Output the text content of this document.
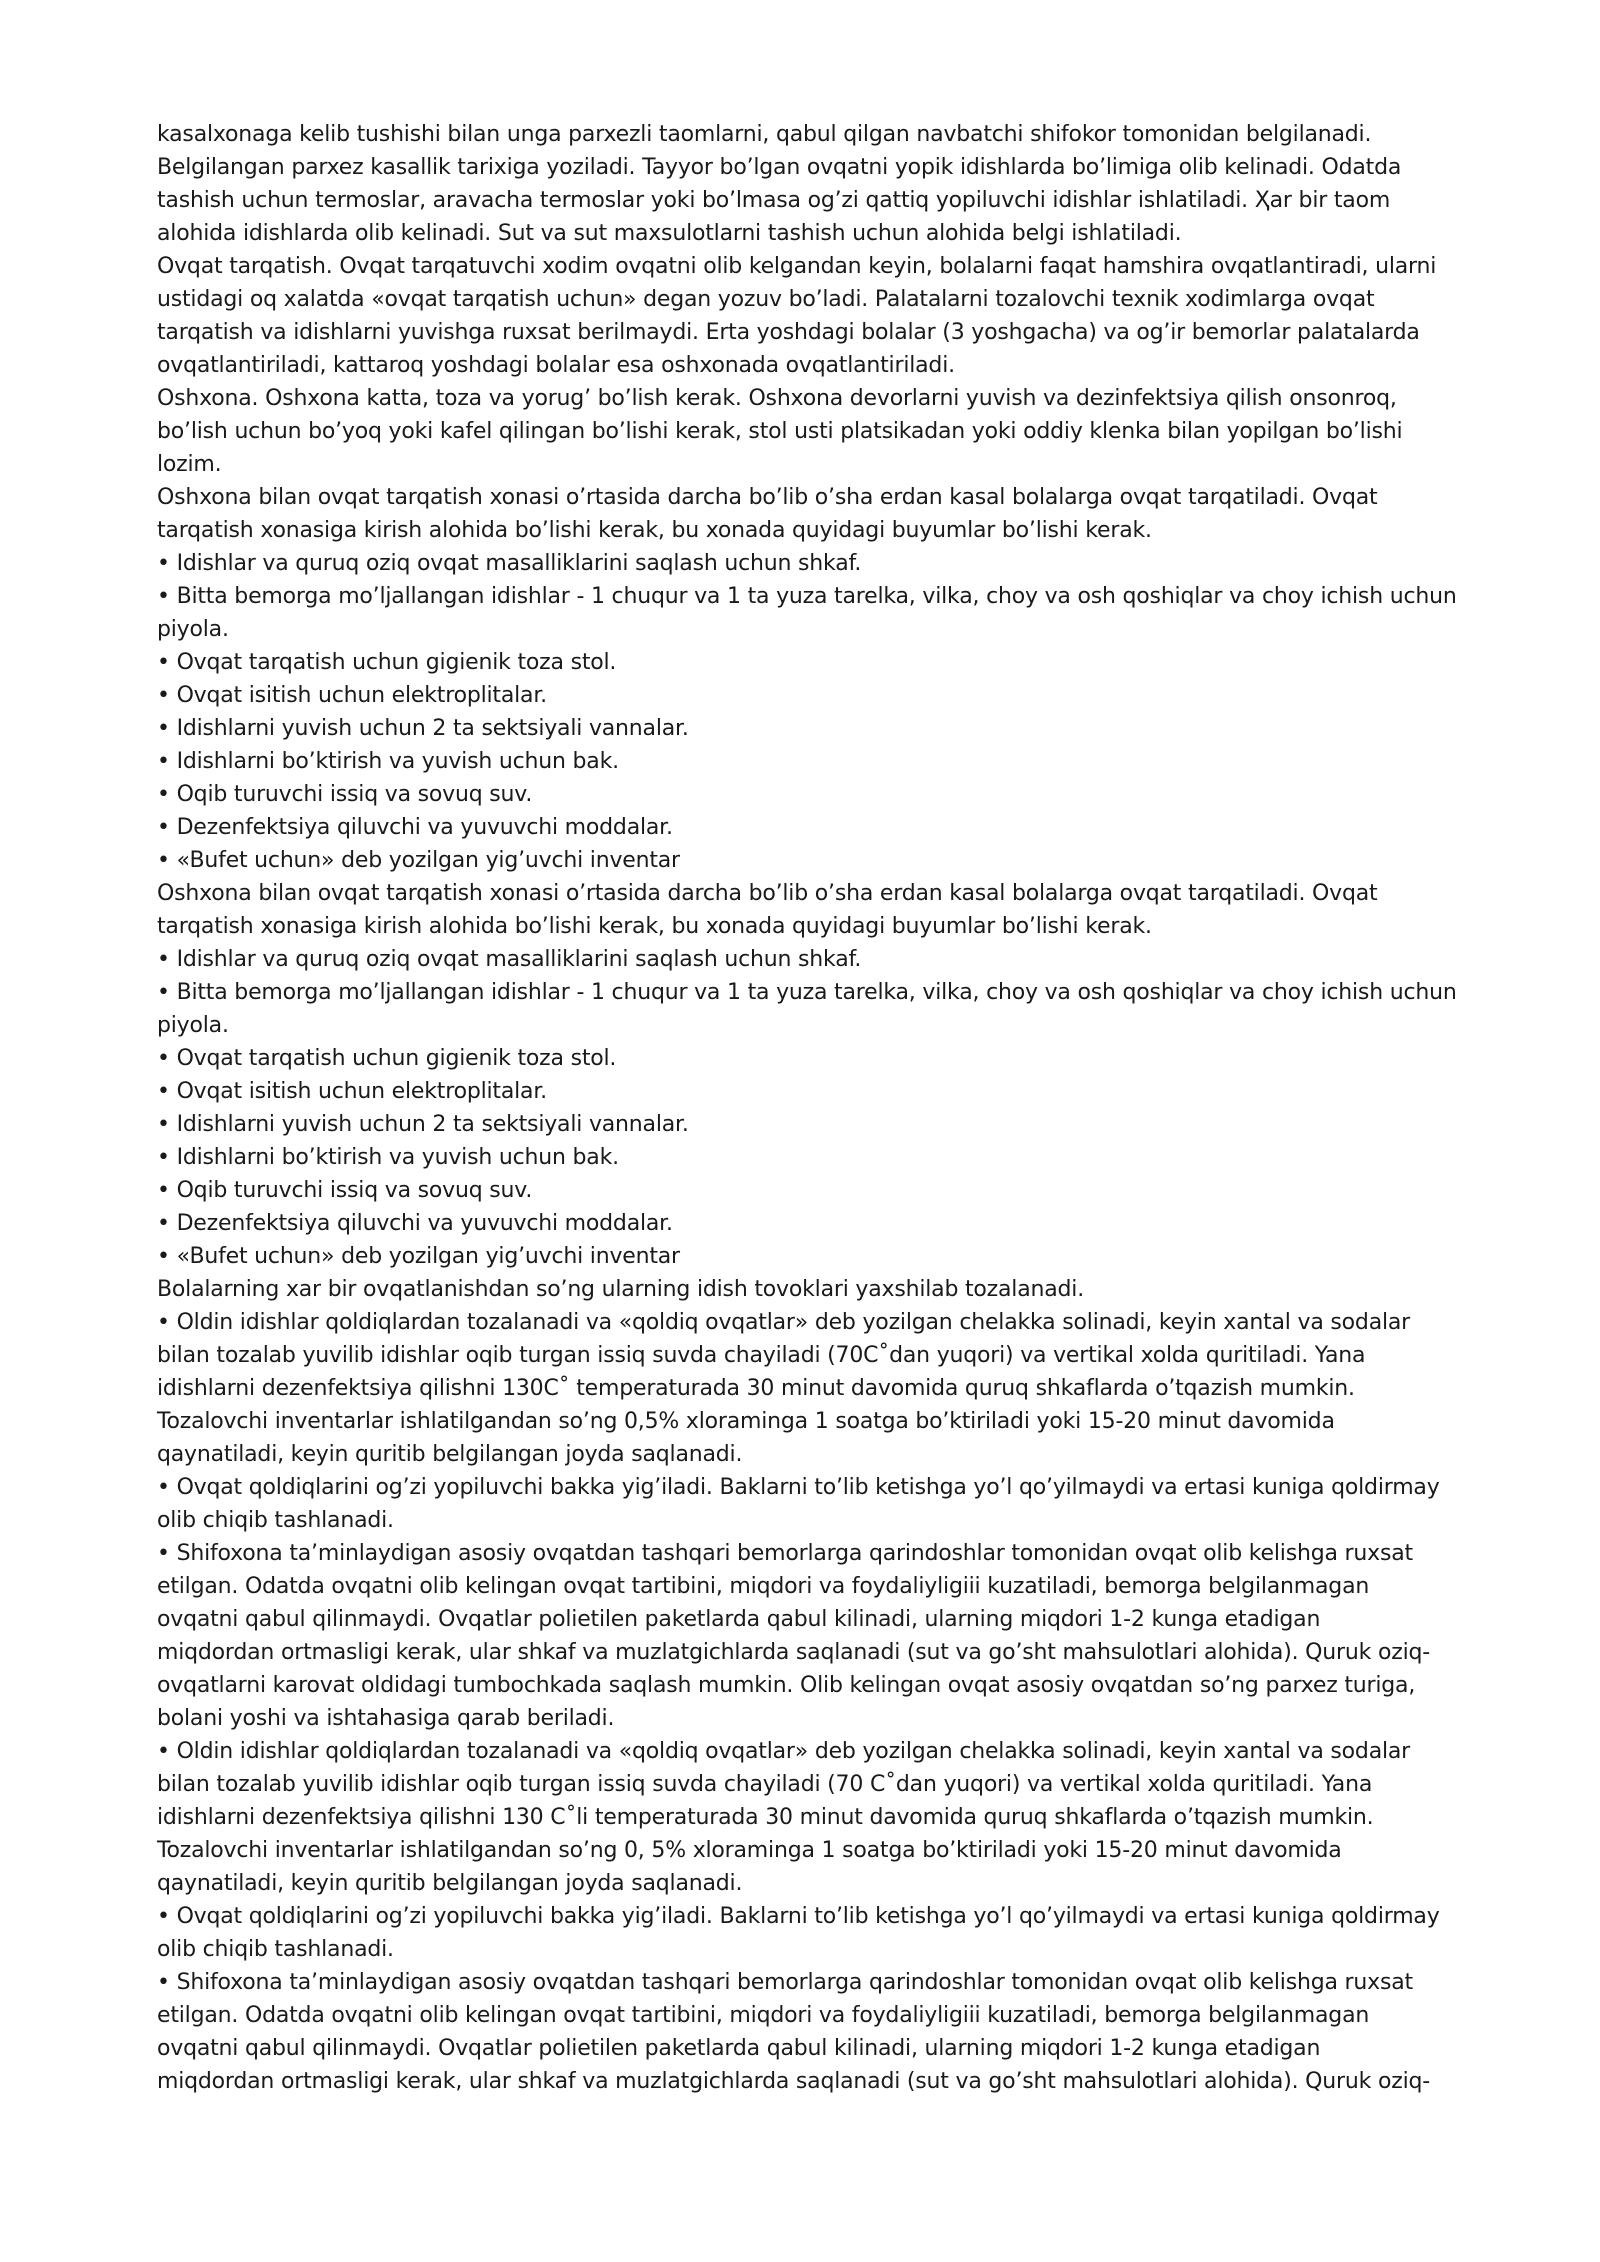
kasalxonaga kelib tushishi bilan unga parxezli taomlarni, qabul qilgan navbatchi shifokor tomonidan belgilanadi.
Belgilangan parxez kasallik tarixiga yoziladi. Tayyor bo’lgan ovqatni yopik idishlarda bo’limiga olib kelinadi. Odatda
tashish uchun termoslar, aravacha termoslar yoki bo’lmasa og’zi qattiq yopiluvchi idishlar ishlatiladi. Ҳar bir taom
alohida idishlarda olib kelinadi. Sut va sut maxsulotlarni tashish uchun alohida belgi ishlatiladi.
Ovqat tarqatish. Ovqat tarqatuvchi xodim ovqatni olib kelgandan keyin, bolalarni faqat hamshira ovqatlantiradi, ularni
ustidagi oq xalatda «ovqat tarqatish uchun» degan yozuv bo’ladi. Palatalarni tozalovchi texnik xodimlarga ovqat
tarqatish va idishlarni yuvishga ruxsat berilmaydi. Erta yoshdagi bolalar (3 yoshgacha) va og’ir bemorlar palatalarda
ovqatlantiriladi, kattaroq yoshdagi bolalar esa oshxonada ovqatlantiriladi.
Oshxona. Oshxona katta, toza va yorug’ bo’lish kerak. Oshxona devorlarni yuvish va dezinfektsiya qilish onsonroq,
bo’lish uchun bo’yoq yoki kafel qilingan bo’lishi kerak, stol usti platsikadan yoki oddiy klenka bilan yopilgan bo’lishi
lozim.
Oshxona bilan ovqat tarqatish xonasi o’rtasida darcha bo’lib o’sha erdan kasal bolalarga ovqat tarqatiladi. Ovqat
tarqatish xonasiga kirish alohida bo’lishi kerak, bu xonada quyidagi buyumlar bo’lishi kerak.
• Idishlar va quruq oziq ovqat masalliklarini saqlash uchun shkaf.
• Bitta bemorga mo’ljallangan idishlar - 1 chuqur va 1 ta yuza tarelka, vilka, choy va osh qoshiqlar va choy ichish uchun
piyola.
• Ovqat tarqatish uchun gigienik toza stol.
• Ovqat isitish uchun elektroplitalar.
• Idishlarni yuvish uchun 2 ta sektsiyali vannalar.
• Idishlarni bo’ktirish va yuvish uchun bak.
• Oqib turuvchi issiq va sovuq suv.
• Dezenfektsiya qiluvchi va yuvuvchi moddalar.
• «Bufet uchun» deb yozilgan yig’uvchi inventar
Oshxona bilan ovqat tarqatish xonasi o’rtasida darcha bo’lib o’sha erdan kasal bolalarga ovqat tarqatiladi. Ovqat
tarqatish xonasiga kirish alohida bo’lishi kerak, bu xonada quyidagi buyumlar bo’lishi kerak.
• Idishlar va quruq oziq ovqat masalliklarini saqlash uchun shkaf.
• Bitta bemorga mo’ljallangan idishlar - 1 chuqur va 1 ta yuza tarelka, vilka, choy va osh qoshiqlar va choy ichish uchun
piyola.
• Ovqat tarqatish uchun gigienik toza stol.
• Ovqat isitish uchun elektroplitalar.
• Idishlarni yuvish uchun 2 ta sektsiyali vannalar.
• Idishlarni bo’ktirish va yuvish uchun bak.
• Oqib turuvchi issiq va sovuq suv.
• Dezenfektsiya qiluvchi va yuvuvchi moddalar.
• «Bufet uchun» deb yozilgan yig’uvchi inventar
Bolalarning xar bir ovqatlanishdan so’ng ularning idish tovoklari yaxshilab tozalanadi.
• Oldin idishlar qoldiqlardan tozalanadi va «qoldiq ovqatlar» deb yozilgan chelakka solinadi, keyin xantal va sodalar
bilan tozalab yuvilib idishlar oqib turgan issiq suvda chayiladi (70C˚dan yuqori) va vertikal xolda quritiladi. Yana
idishlarni dezenfektsiya qilishni 130C˚ temperaturada 30 minut davomida quruq shkaflarda o’tqazish mumkin.
Tozalovchi inventarlar ishlatilgandan so’ng 0,5% xloraminga 1 soatga bo’ktiriladi yoki 15-20 minut davomida
qaynatiladi, keyin quritib belgilangan joyda saqlanadi.
• Ovqat qoldiqlarini og’zi yopiluvchi bakka yig’iladi. Baklarni to’lib ketishga yo’l qo’yilmaydi va ertasi kuniga qoldirmay
olib chiqib tashlanadi.
• Shifoxona ta’minlaydigan asosiy ovqatdan tashqari bemorlarga qarindoshlar tomonidan ovqat olib kelishga ruxsat
etilgan. Odatda ovqatni olib kelingan ovqat tartibini, miqdori va foydaliyligiii kuzatiladi, bemorga belgilanmagan
ovqatni qabul qilinmaydi. Ovqatlar polietilen paketlarda qabul kilinadi, ularning miqdori 1-2 kunga etadigan
miqdordan ortmasligi kerak, ular shkaf va muzlatgichlarda saqlanadi (sut va go’sht mahsulotlari alohida). Quruk oziq-
ovqatlarni karovat oldidagi tumbochkada saqlash mumkin. Olib kelingan ovqat asosiy ovqatdan so’ng parxez turiga,
bolani yoshi va ishtahasiga qarab beriladi.
• Oldin idishlar qoldiqlardan tozalanadi va «qoldiq ovqatlar» deb yozilgan chelakka solinadi, keyin xantal va sodalar
bilan tozalab yuvilib idishlar oqib turgan issiq suvda chayiladi (70 C˚dan yuqori) va vertikal xolda quritiladi. Yana
idishlarni dezenfektsiya qilishni 130 C˚li temperaturada 30 minut davomida quruq shkaflarda o’tqazish mumkin.
Tozalovchi inventarlar ishlatilgandan so’ng 0, 5% xloraminga 1 soatga bo’ktiriladi yoki 15-20 minut davomida
qaynatiladi, keyin quritib belgilangan joyda saqlanadi.
• Ovqat qoldiqlarini og’zi yopiluvchi bakka yig’iladi. Baklarni to’lib ketishga yo’l qo’yilmaydi va ertasi kuniga qoldirmay
olib chiqib tashlanadi.
• Shifoxona ta’minlaydigan asosiy ovqatdan tashqari bemorlarga qarindoshlar tomonidan ovqat olib kelishga ruxsat
etilgan. Odatda ovqatni olib kelingan ovqat tartibini, miqdori va foydaliyligiii kuzatiladi, bemorga belgilanmagan
ovqatni qabul qilinmaydi. Ovqatlar polietilen paketlarda qabul kilinadi, ularning miqdori 1-2 kunga etadigan
miqdordan ortmasligi kerak, ular shkaf va muzlatgichlarda saqlanadi (sut va go’sht mahsulotlari alohida). Quruk oziq-
